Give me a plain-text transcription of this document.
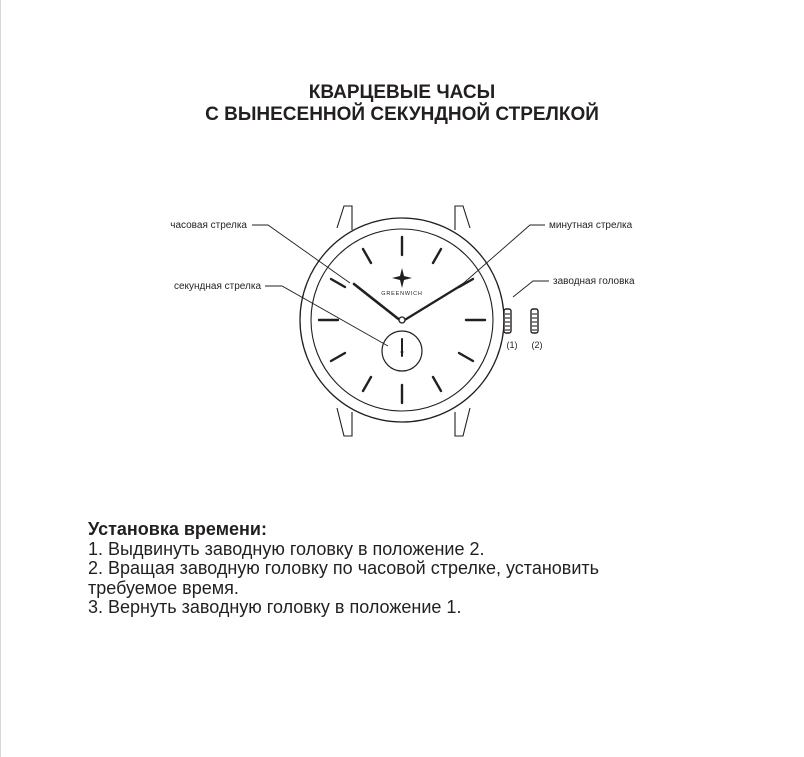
КВАРЦЕВЫЕ ЧАСЫ
С ВЫНЕСЕННОЙ СЕКУНДНОЙ СТРЕЛКОЙ
GREENWICH
(1) (2)
часовая стрелка
секундная стрелка
минутная стрелка
заводная головка

Установка времени:

1. Выдвинуть заводную головку в положение 2.

2. Вращая заводную головку по часовой стрелке, установить

требуемое время.

3. Вернуть заводную головку в положение 1.
